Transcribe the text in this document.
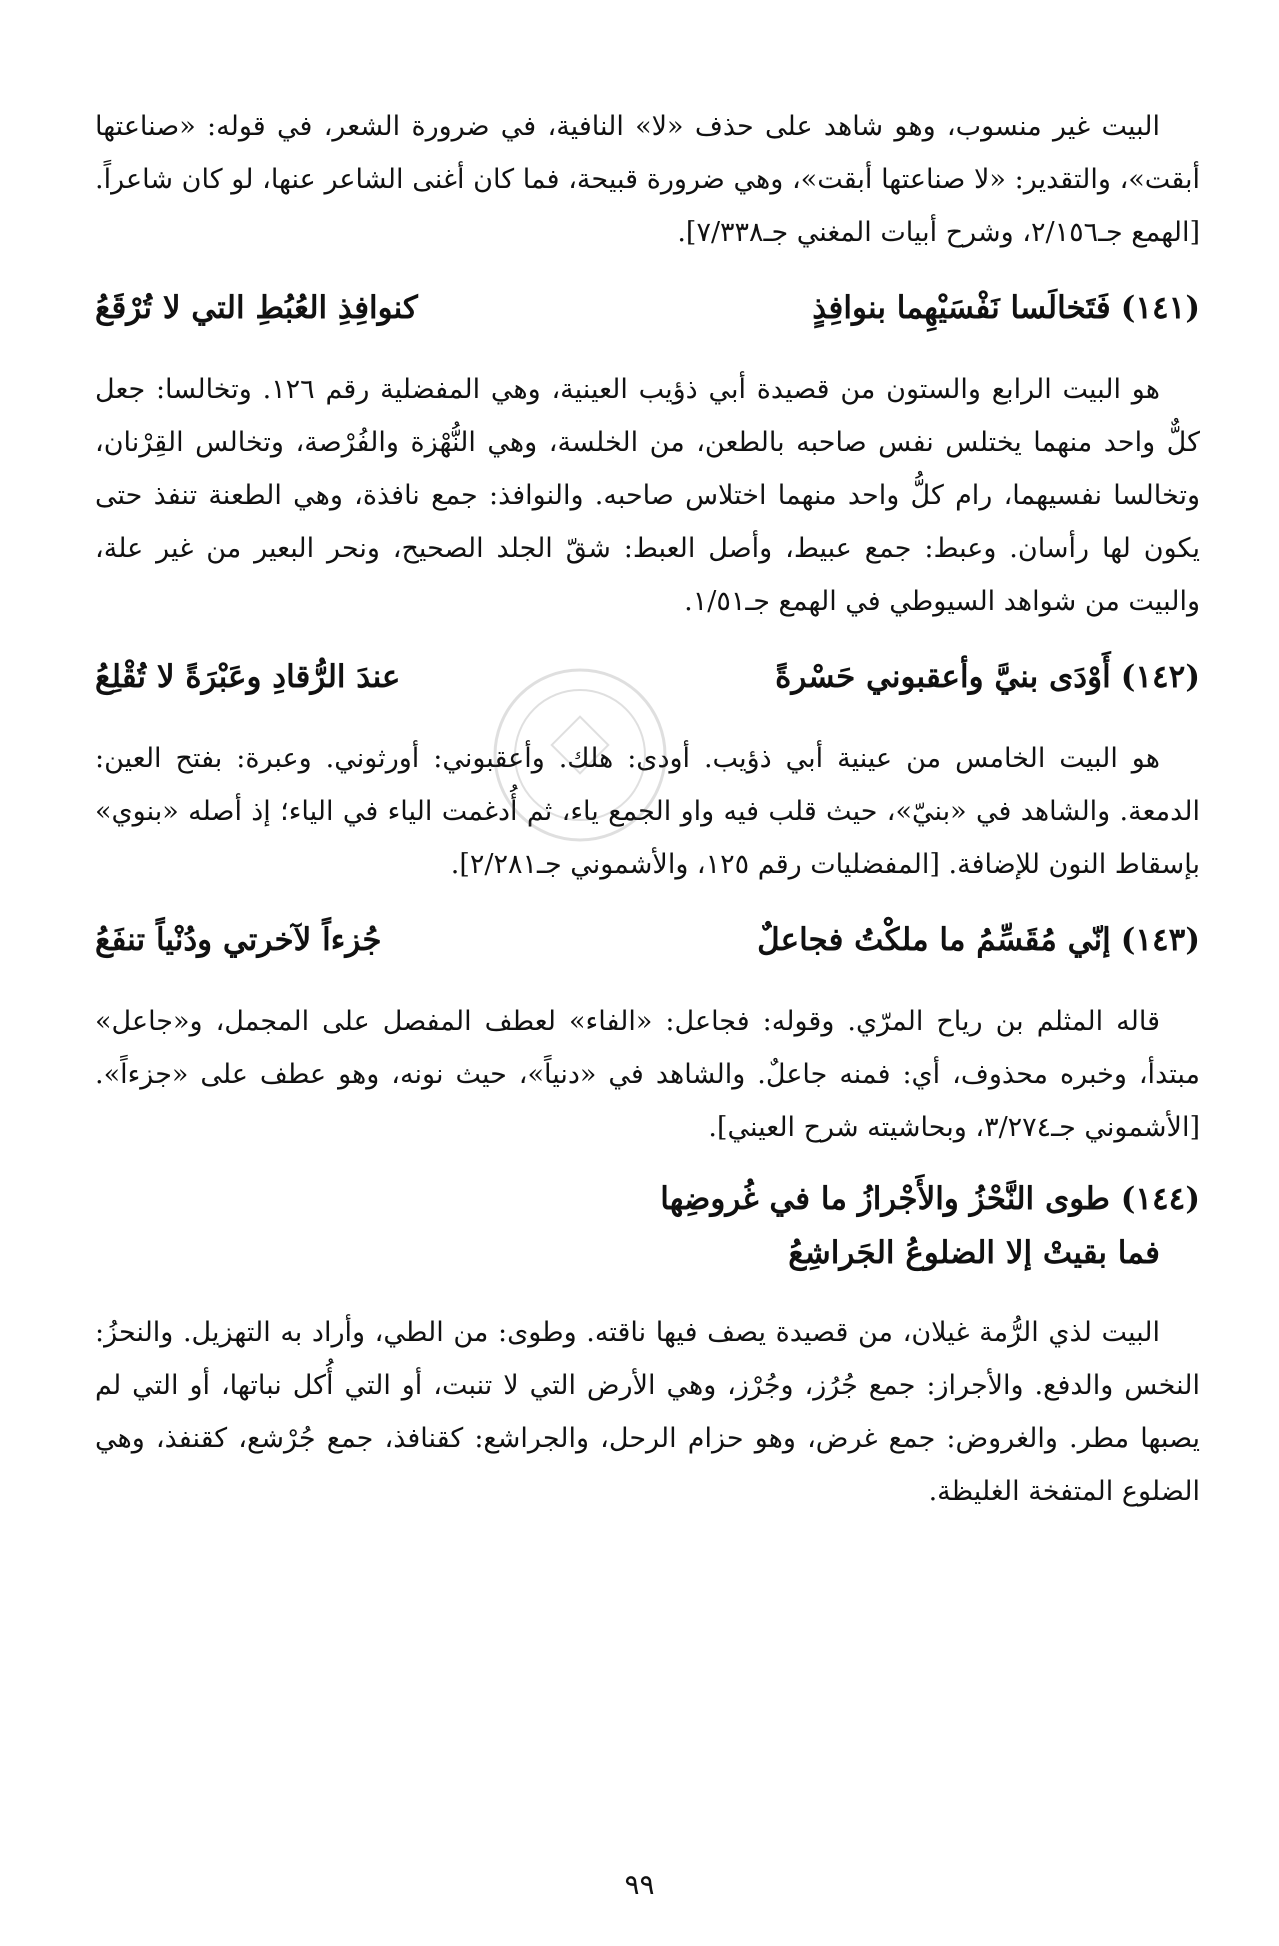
البيت غير منسوب، وهو شاهد على حذف «لا» النافية، في ضرورة الشعر، في قوله: «صناعتها أبقت»، والتقدير: «لا صناعتها أبقت»، وهي ضرورة قبيحة، فما كان أغنى الشاعر عنها، لو كان شاعراً. [الهمع جـ٢/١٥٦، وشرح أبيات المغني جـ٧/٣٣٨].

(١٤١)
فَتَخالَسا نَفْسَيْهِما بنوافِذٍ
كنوافِذِ العُبُطِ التي لا تُرْقَعُ

هو البيت الرابع والستون من قصيدة أبي ذؤيب العينية، وهي المفضلية رقم ١٢٦. وتخالسا: جعل كلٌّ واحد منهما يختلس نفس صاحبه بالطعن، من الخلسة، وهي النُّهْزة والفُرْصة، وتخالس القِرْنان، وتخالسا نفسيهما، رام كلُّ واحد منهما اختلاس صاحبه. والنوافذ: جمع نافذة، وهي الطعنة تنفذ حتى يكون لها رأسان. وعبط: جمع عبيط، وأصل العبط: شقّ الجلد الصحيح، ونحر البعير من غير علة، والبيت من شواهد السيوطي في الهمع جـ١/٥١.

(١٤٢)
أَوْدَى بنيَّ وأعقبوني حَسْرةً
عندَ الرُّقادِ وعَبْرَةً لا تُقْلِعُ

هو البيت الخامس من عينية أبي ذؤيب. أودى: هلك. وأعقبوني: أورثوني. وعبرة: بفتح العين: الدمعة. والشاهد في «بنيّ»، حيث قلب فيه واو الجمع ياء، ثم أُدغمت الياء في الياء؛ إذ أصله «بنوي» بإسقاط النون للإضافة. [المفضليات رقم ١٢٥، والأشموني جـ٢/٢٨١].

(١٤٣)
إنّي مُقَسِّمُ ما ملكْتُ فجاعلٌ
جُزءاً لآخرتي ودُنْياً تنفَعُ

قاله المثلم بن رياح المرّي. وقوله: فجاعل: «الفاء» لعطف المفصل على المجمل، و«جاعل» مبتدأ، وخبره محذوف، أي: فمنه جاعلٌ. والشاهد في «دنياً»، حيث نونه، وهو عطف على «جزءاً». [الأشموني جـ٣/٢٧٤، وبحاشيته شرح العيني].

(١٤٤) طوى النَّحْزُ والأَجْرازُ ما في غُروضِها
فما بقيتْ إلا الضلوعُ الجَراشِعُ

البيت لذي الرُّمة غيلان، من قصيدة يصف فيها ناقته. وطوى: من الطي، وأراد به التهزيل. والنحزُ: النخس والدفع. والأجراز: جمع جُرُز، وجُرْز، وهي الأرض التي لا تنبت، أو التي أُكل نباتها، أو التي لم يصبها مطر. والغروض: جمع غرض، وهو حزام الرحل، والجراشع: كقنافذ، جمع جُرْشع، كقنفذ، وهي الضلوع المتفخة الغليظة.

٩٩
